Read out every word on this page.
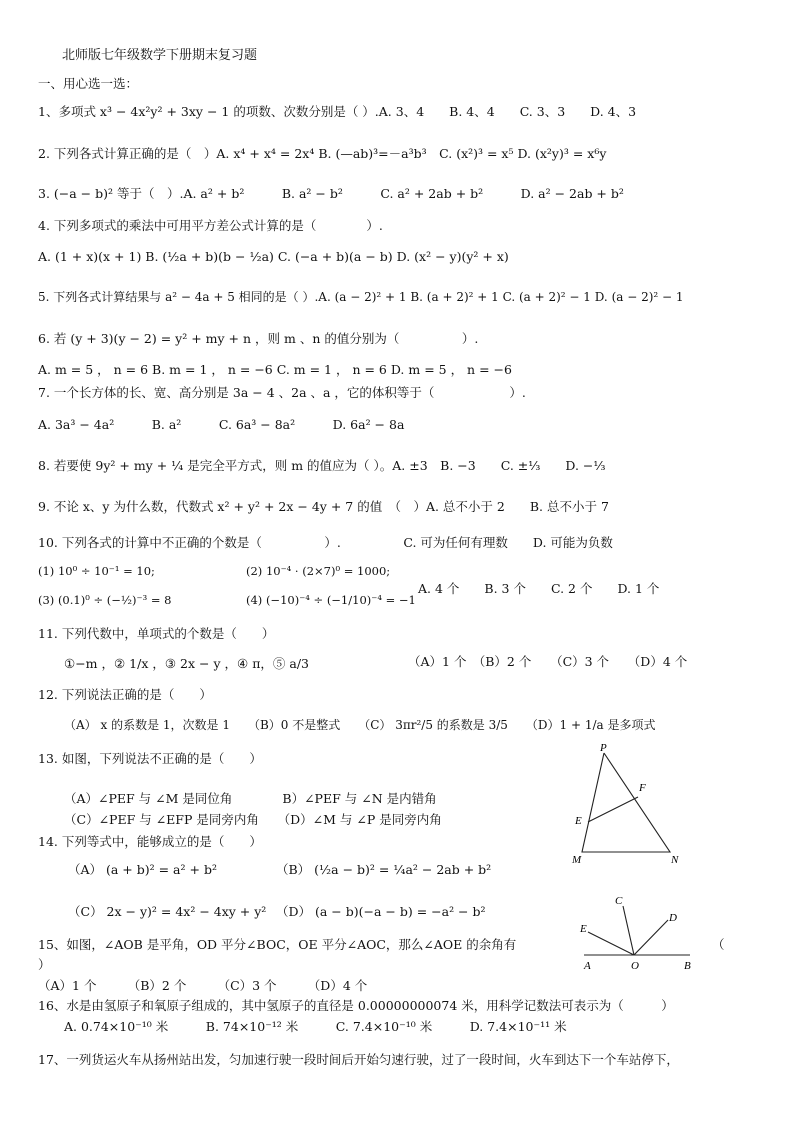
北师版七年级数学下册期末复习题
一、用心选一选：
1、多项式 x³ − 4x²y² + 3xy − 1 的项数、次数分别是（ ）.A. 3、4　　B. 4、4　　C. 3、3　　D. 4、3
2. 下列各式计算正确的是（　）A. x⁴ + x⁴ = 2x⁴ B. (—ab)³=－a³b³　C. (x²)³ = x⁵ D. (x²y)³ = x⁶y
3. (−a − b)² 等于（　）.A. a² + b²　　　B. a² − b²　　　C. a² + 2ab + b²　　　D. a² − 2ab + b²
4. 下列多项式的乘法中可用平方差公式计算的是（　　　　）.
A. (1 + x)(x + 1) B. (½a + b)(b − ½a) C. (−a + b)(a − b) D. (x² − y)(y² + x)
5. 下列各式计算结果与 a² − 4a + 5 相同的是（ ）.A. (a − 2)² + 1 B. (a + 2)² + 1 C. (a + 2)² − 1 D. (a − 2)² − 1
6. 若 (y + 3)(y − 2) = y² + my + n ，则 m 、n 的值分别为（　　　　　）.
A. m = 5 ， n = 6 B. m = 1 ， n = −6 C. m = 1 ， n = 6 D. m = 5 ， n = −6
7. 一个长方体的长、宽、高分别是 3a − 4 、2a 、a ，它的体积等于（　　　　　　）.
A. 3a³ − 4a²　　　B. a²　　　C. 6a³ − 8a²　　　D. 6a² − 8a
8. 若要使 9y² + my + ¼ 是完全平方式，则 m 的值应为（ ）。A. ±3　B. −3　　C. ±⅓　　D. −⅓
9. 不论 x、y 为什么数，代数式 x² + y² + 2x − 4y + 7 的值　（　）A. 总不小于 2　　B. 总不小于 7
10. 下列各式的计算中不正确的个数是（　　　　　）.　　　　　C. 可为任何有理数　　D. 可能为负数
(1) 10⁰ ÷ 10⁻¹ = 10;	(2) 10⁻⁴ · (2×7)⁰ = 1000;
A. 4 个　　B. 3 个　　C. 2 个　　D. 1 个
(3) (0.1)⁰ ÷ (−½)⁻³ = 8	(4) (−10)⁻⁴ ÷ (−1/10)⁻⁴ = −1
11. 下列代数中，单项式的个数是（　　）
①−m ，② 1/x ，③ 2x − y ，④ π，⑤ a/3	（A）1 个　（B）2 个　　（C）3 个　　（D）4 个
12. 下列说法正确的是（　　）
（A） x 的系数是 1，次数是 1　　（B）0 不是整式　　（C） 3πr²/5 的系数是 3/5　　（D）1 + 1/a 是多项式
13. 如图，下列说法不正确的是（　　）
（A）∠PEF 与 ∠M 是同位角　　　　B）∠PEF 与 ∠N 是内错角
（C）∠PEF 与 ∠EFP 是同旁内角　　（D）∠M 与 ∠P 是同旁内角
P
F
E
M	N
14. 下列等式中，能够成立的是（　　）
（A） (a + b)² = a² + b²	（B） (½a − b)² = ¼a² − 2ab + b²
（C） 2x − y)² = 4x² − 4xy + y² （D） (a − b)(−a − b) = −a² − b²
C
D
E
A	O	B
15、如图，∠AOB 是平角，OD 平分∠BOC，OE 平分∠AOC，那么∠AOE 的余角有	（
）
（A）1 个　　　（B）2 个　　　（C）3 个　　　（D）4 个
16、水是由氢原子和氧原子组成的，其中氢原子的直径是 0.00000000074 米，用科学记数法可表示为（　　　）
A. 0.74×10⁻¹⁰ 米　　　B. 74×10⁻¹² 米　　　C. 7.4×10⁻¹⁰ 米　　　D. 7.4×10⁻¹¹ 米
17、一列货运火车从扬州站出发，匀加速行驶一段时间后开始匀速行驶，过了一段时间，火车到达下一个车站停下，
